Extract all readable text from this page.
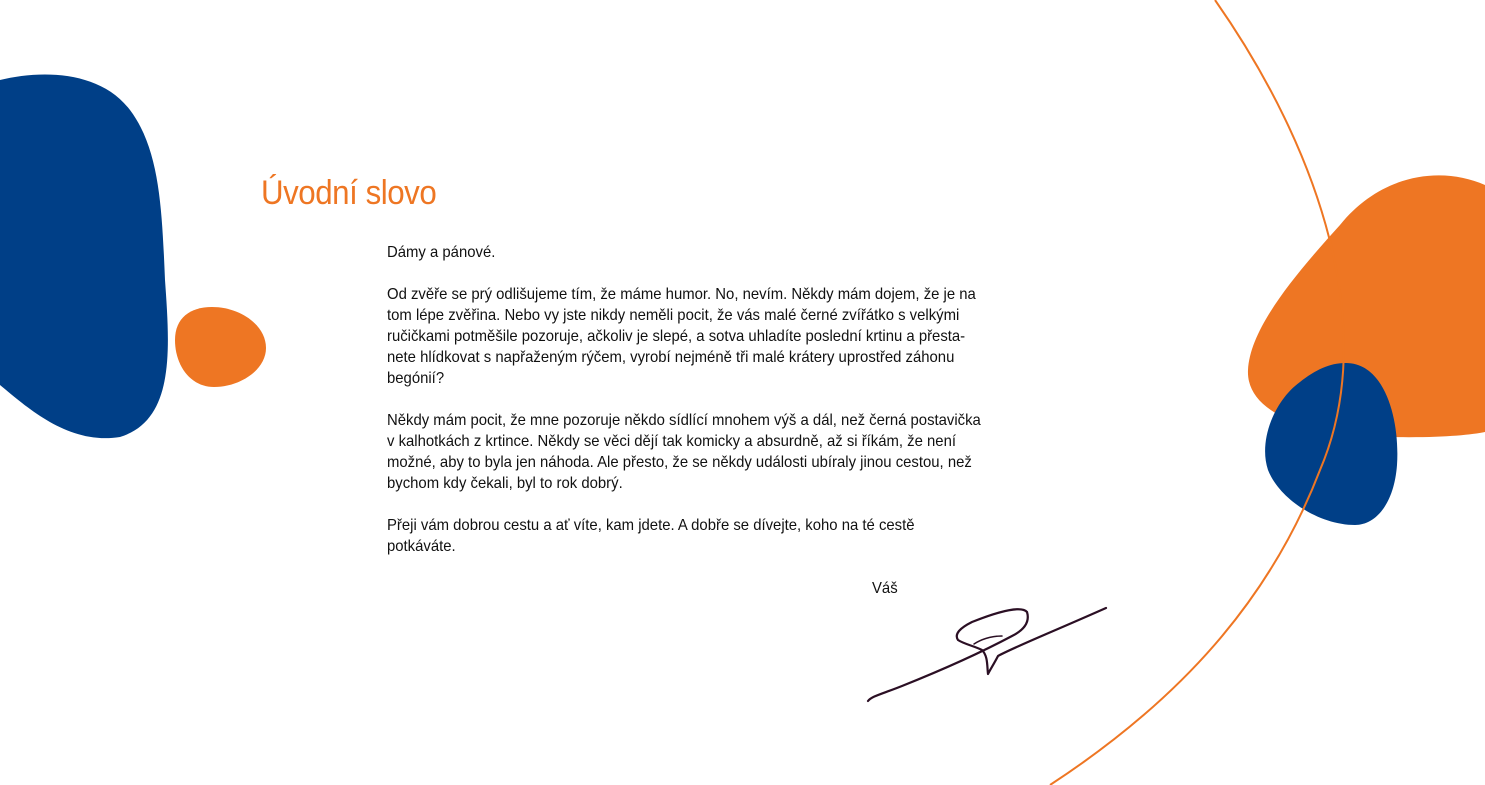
Úvodní slovo

Dámy a pánové.

Od zvěře se prý odlišujeme tím, že máme humor. No, nevím. Někdy mám dojem, že je na tom lépe zvěřina. Nebo vy jste nikdy neměli pocit, že vás malé černé zvířátko s velkými ručičkami potměšile pozoruje, ačkoliv je slepé, a sotva uhladíte poslední krtinu a přesta-nete hlídkovat s napřaženým rýčem, vyrobí nejméně tři malé krátery uprostřed záhonu begónií?

Někdy mám pocit, že mne pozoruje někdo sídlící mnohem výš a dál, než černá postavička v kalhotkách z krtince. Někdy se věci dějí tak komicky a absurdně, až si říkám, že není možné, aby to byla jen náhoda. Ale přesto, že se někdy události ubíraly jinou cestou, než bychom kdy čekali, byl to rok dobrý.

Přeji vám dobrou cestu a ať víte, kam jdete. A dobře se dívejte, koho na té cestě potkáváte.

Váš
